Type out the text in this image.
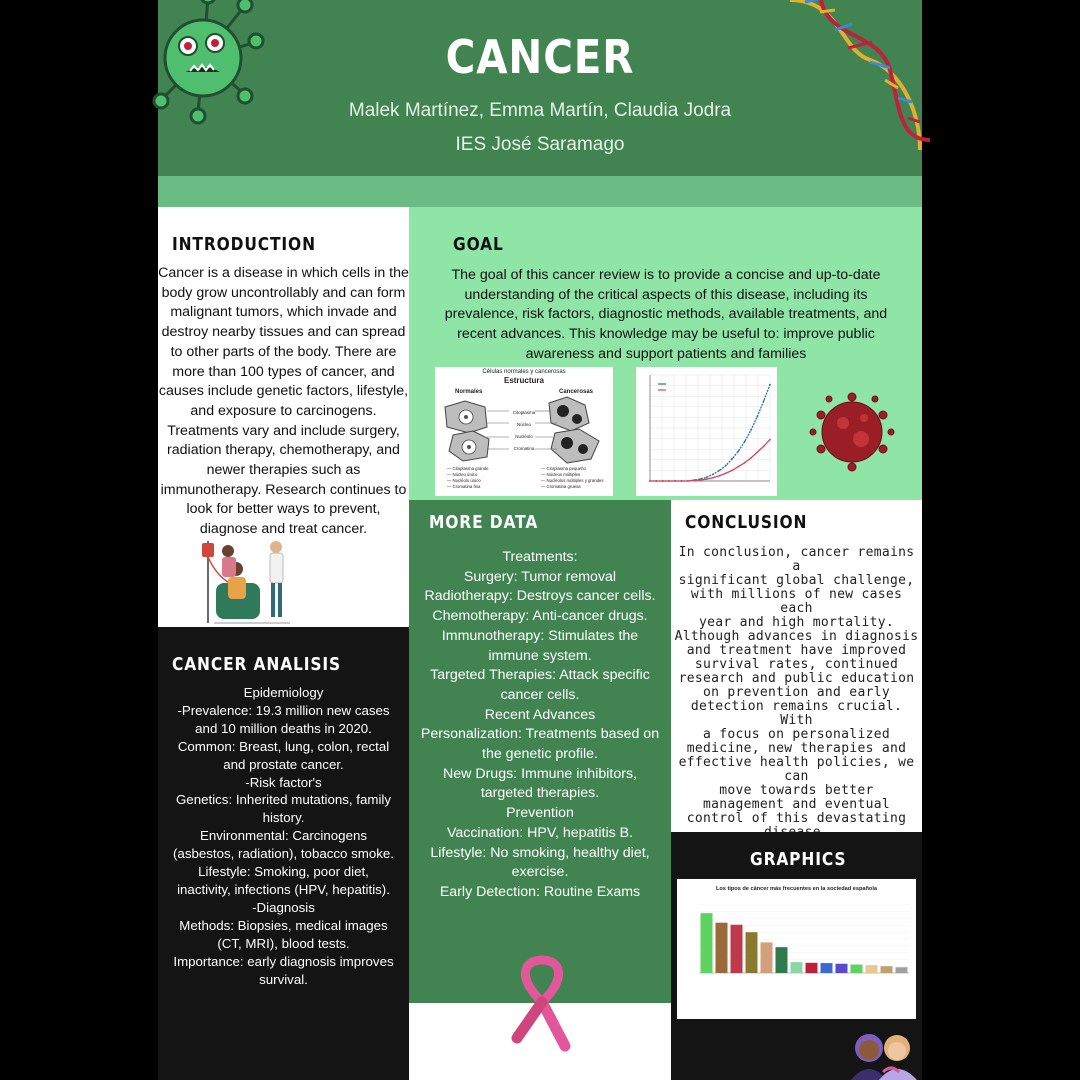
CANCER
Malek Martínez, Emma Martín, Claudia Jodra
IES José Saramago
INTRODUCTION
Cancer is a disease in which cells in the body grow uncontrollably and can form malignant tumors, which invade and destroy nearby tissues and can spread to other parts of the body. There are more than 100 types of cancer, and causes include genetic factors, lifestyle, and exposure to carcinogens. Treatments vary and include surgery, radiation therapy, chemotherapy, and newer therapies such as immunotherapy. Research continues to look for better ways to prevent, diagnose and treat cancer.
GOAL
The goal of this cancer review is to provide a concise and up-to-date understanding of the critical aspects of this disease, including its prevalence, risk factors, diagnostic methods, available treatments, and recent advances. This knowledge may be useful to: improve public awareness and support patients and families
Células normales y cancerosas
Estructura
Normales	Cancerosas
Citoplasma
Núcleo
Nucléolo
Cromatina
— Citoplasma grande
— Núcleo único
— Nucléolo único
— Cromatina fina
— Citoplasma pequeño
— Núcleos múltiples
— Nucléolos múltiples y grandes
— Cromatina gruesa
CANCER ANALISIS
Epidemiology
-Prevalence: 19.3 million new cases
and 10 million deaths in 2020.
Common: Breast, lung, colon, rectal
and prostate cancer.
-Risk factor's
Genetics: Inherited mutations, family
history.
Environmental: Carcinogens
(asbestos, radiation), tobacco smoke.
Lifestyle: Smoking, poor diet,
inactivity, infections (HPV, hepatitis).
-Diagnosis
Methods: Biopsies, medical images
(CT, MRI), blood tests.
Importance: early diagnosis improves
survival.
MORE DATA
Treatments:
Surgery: Tumor removal
Radiotherapy: Destroys cancer cells.
Chemotherapy: Anti-cancer drugs.
Immunotherapy: Stimulates the
immune system.
Targeted Therapies: Attack specific
cancer cells.
Recent Advances
Personalization: Treatments based on
the genetic profile.
New Drugs: Immune inhibitors,
targeted therapies.
Prevention
Vaccination: HPV, hepatitis B.
Lifestyle: No smoking, healthy diet,
exercise.
Early Detection: Routine Exams
CONCLUSION
In conclusion, cancer remains a
significant global challenge,
with millions of new cases each
year and high mortality.
Although advances in diagnosis
and treatment have improved
survival rates, continued
research and public education
on prevention and early
detection remains crucial. With
a focus on personalized
medicine, new therapies and
effective health policies, we can
move towards better
management and eventual
control of this devastating
GRAPHICS
Los tipos de cáncer más frecuentes en la sociedad española
